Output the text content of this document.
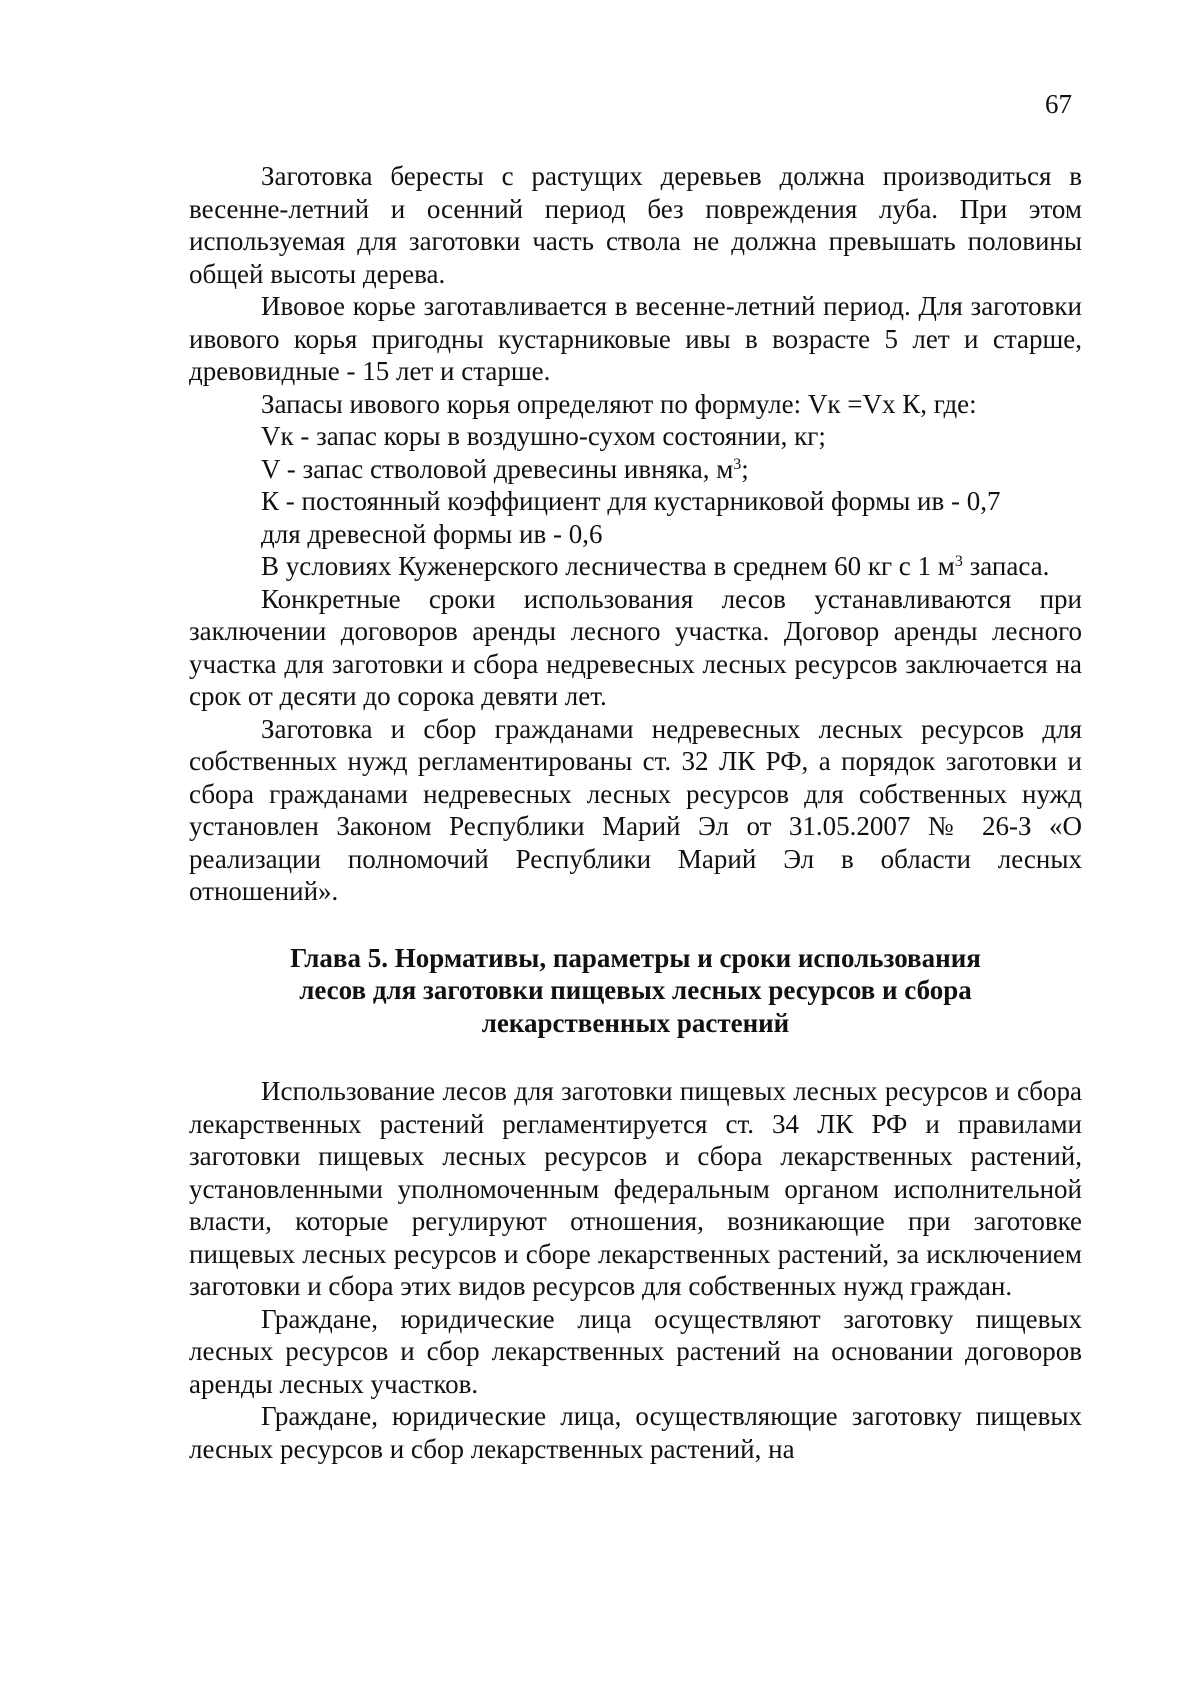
67

Заготовка бересты с растущих деревьев должна производиться в весенне-летний и осенний период без повреждения луба. При этом используемая для заготовки часть ствола не должна превышать половины общей высоты дерева.

Ивовое корье заготавливается в весенне-летний период. Для заготовки ивового корья пригодны кустарниковые ивы в возрасте 5 лет и старше, древовидные - 15 лет и старше.

Запасы ивового корья определяют по формуле: Vк =Vx К, где:

Vк - запас коры в воздушно-сухом состоянии, кг;

V - запас стволовой древесины ивняка, $м^3$;

К - постоянный коэффициент для кустарниковой формы ив - 0,7

для древесной формы ив - 0,6

В условиях Куженерского лесничества в среднем 60 кг с 1 $м^3$ запаса.

Конкретные сроки использования лесов устанавливаются при заключении договоров аренды лесного участка. Договор аренды лесного участка для заготовки и сбора недревесных лесных ресурсов заключается на срок от десяти до сорока девяти лет.

Заготовка и сбор гражданами недревесных лесных ресурсов для собственных нужд регламентированы ст. 32 ЛК РФ, а порядок заготовки и сбора гражданами недревесных лесных ресурсов для собственных нужд установлен Законом Республики Марий Эл от 31.05.2007 № 26-З «О реализации полномочий Республики Марий Эл в области лесных отношений».

Глава 5. Нормативы, параметры и сроки использования
лесов для заготовки пищевых лесных ресурсов и сбора
лекарственных растений

Использование лесов для заготовки пищевых лесных ресурсов и сбора лекарственных растений регламентируется ст. 34 ЛК РФ и правилами заготовки пищевых лесных ресурсов и сбора лекарственных растений, установленными уполномоченным федеральным органом исполнительной власти, которые регулируют отношения, возникающие при заготовке пищевых лесных ресурсов и сборе лекарственных растений, за исключением заготовки и сбора этих видов ресурсов для собственных нужд граждан.

Граждане, юридические лица осуществляют заготовку пищевых лесных ресурсов и сбор лекарственных растений на основании договоров аренды лесных участков.

Граждане, юридические лица, осуществляющие заготовку пищевых лесных ресурсов и сбор лекарственных растений, на
